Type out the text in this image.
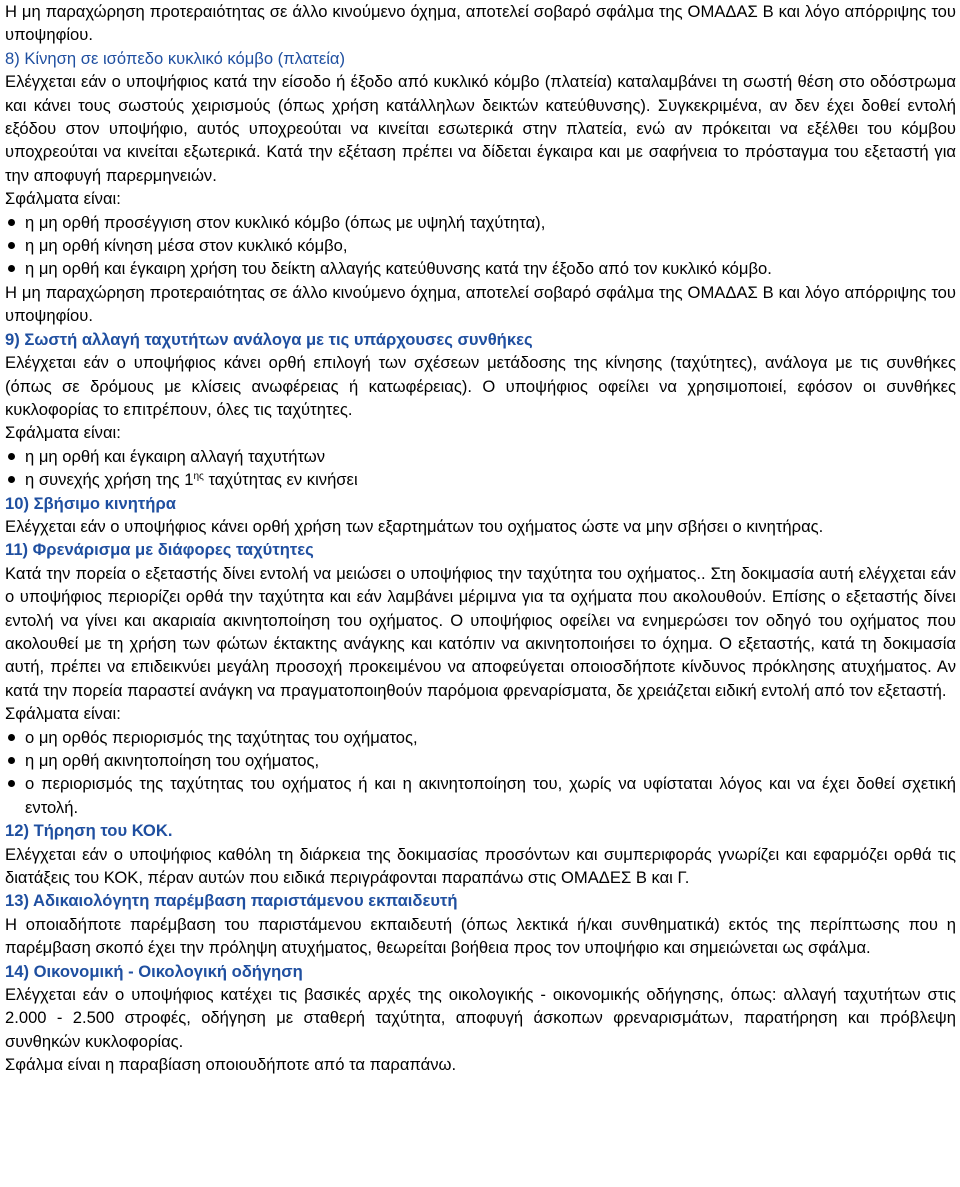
Η μη παραχώρηση προτεραιότητας σε άλλο κινούμενο όχημα, αποτελεί σοβαρό σφάλμα της ΟΜΑΔΑΣ Β και λόγο απόρριψης του υποψηφίου.

8) Κίνηση σε ισόπεδο κυκλικό κόμβο (πλατεία)

Ελέγχεται εάν ο υποψήφιος κατά την είσοδο ή έξοδο από κυκλικό κόμβο (πλατεία) καταλαμβάνει τη σωστή θέση στο οδόστρωμα και κάνει τους σωστούς χειρισμούς (όπως χρήση κατάλληλων δεικτών κατεύθυνσης). Συγκεκριμένα, αν δεν έχει δοθεί εντολή εξόδου στον υποψήφιο, αυτός υποχρεούται να κινείται εσωτερικά στην πλατεία, ενώ αν πρόκειται να εξέλθει του κόμβου υποχρεούται να κινείται εξωτερικά. Κατά την εξέταση πρέπει να δίδεται έγκαιρα και με σαφήνεια το πρόσταγμα του εξεταστή για την αποφυγή παρερμηνειών.

Σφάλματα είναι:

η μη ορθή προσέγγιση στον κυκλικό κόμβο (όπως με υψηλή ταχύτητα),
η μη ορθή κίνηση μέσα στον κυκλικό κόμβο,
η μη ορθή και έγκαιρη χρήση του δείκτη αλλαγής κατεύθυνσης κατά την έξοδο από τον κυκλικό κόμβο.

Η μη παραχώρηση προτεραιότητας σε άλλο κινούμενο όχημα, αποτελεί σοβαρό σφάλμα της ΟΜΑΔΑΣ Β και λόγο απόρριψης του υποψηφίου.

9) Σωστή αλλαγή ταχυτήτων ανάλογα με τις υπάρχουσες συνθήκες

Ελέγχεται εάν ο υποψήφιος κάνει ορθή επιλογή των σχέσεων μετάδοσης της κίνησης (ταχύτητες), ανάλογα με τις συνθήκες (όπως σε δρόμους με κλίσεις ανωφέρειας ή κατωφέρειας). Ο υποψήφιος οφείλει να χρησιμοποιεί, εφόσον οι συνθήκες κυκλοφορίας το επιτρέπουν, όλες τις ταχύτητες.

Σφάλματα είναι:

η μη ορθή και έγκαιρη αλλαγή ταχυτήτων
η συνεχής χρήση της $1^{\eta\varsigma}$ ταχύτητας εν κινήσει

10) Σβήσιμο κινητήρα

Ελέγχεται εάν ο υποψήφιος κάνει ορθή χρήση των εξαρτημάτων του οχήματος ώστε να μην σβήσει ο κινητήρας.

11) Φρενάρισμα με διάφορες ταχύτητες

Κατά την πορεία ο εξεταστής δίνει εντολή να μειώσει ο υποψήφιος την ταχύτητα του οχήματος.. Στη δοκιμασία αυτή ελέγχεται εάν ο υποψήφιος περιορίζει ορθά την ταχύτητα και εάν λαμβάνει μέριμνα για τα οχήματα που ακολουθούν. Επίσης ο εξεταστής δίνει εντολή να γίνει και ακαριαία ακινητοποίηση του οχήματος. Ο υποψήφιος οφείλει να ενημερώσει τον οδηγό του οχήματος που ακολουθεί με τη χρήση των φώτων έκτακτης ανάγκης και κατόπιν να ακινητοποιήσει το όχημα. Ο εξεταστής, κατά τη δοκιμασία αυτή, πρέπει να επιδεικνύει μεγάλη προσοχή προκειμένου να αποφεύγεται οποιοσδήποτε κίνδυνος πρόκλησης ατυχήματος. Αν κατά την πορεία παραστεί ανάγκη να πραγματοποιηθούν παρόμοια φρεναρίσματα, δε χρειάζεται ειδική εντολή από τον εξεταστή.

Σφάλματα είναι:

ο μη ορθός περιορισμός της ταχύτητας του οχήματος,
η μη ορθή ακινητοποίηση του οχήματος,
ο περιορισμός της ταχύτητας του οχήματος ή και η ακινητοποίηση του, χωρίς να υφίσταται λόγος και να έχει δοθεί σχετική εντολή.

12) Τήρηση του ΚΟΚ.

Ελέγχεται εάν ο υποψήφιος καθόλη τη διάρκεια της δοκιμασίας προσόντων και συμπεριφοράς γνωρίζει και εφαρμόζει ορθά τις διατάξεις του ΚΟΚ, πέραν αυτών που ειδικά περιγράφονται παραπάνω στις ΟΜΑΔΕΣ Β και Γ.

13) Αδικαιολόγητη παρέμβαση παριστάμενου εκπαιδευτή

Η οποιαδήποτε παρέμβαση του παριστάμενου εκπαιδευτή (όπως λεκτικά ή/και συνθηματικά) εκτός της περίπτωσης που η παρέμβαση σκοπό έχει την πρόληψη ατυχήματος, θεωρείται βοήθεια προς τον υποψήφιο και σημειώνεται ως σφάλμα.

14) Οικονομική - Οικολογική οδήγηση

Ελέγχεται εάν ο υποψήφιος κατέχει τις βασικές αρχές της οικολογικής - οικονομικής οδήγησης, όπως: αλλαγή ταχυτήτων στις 2.000 - 2.500 στροφές, οδήγηση με σταθερή ταχύτητα, αποφυγή άσκοπων φρεναρισμάτων, παρατήρηση και πρόβλεψη συνθηκών κυκλοφορίας.

Σφάλμα είναι η παραβίαση οποιουδήποτε από τα παραπάνω.
